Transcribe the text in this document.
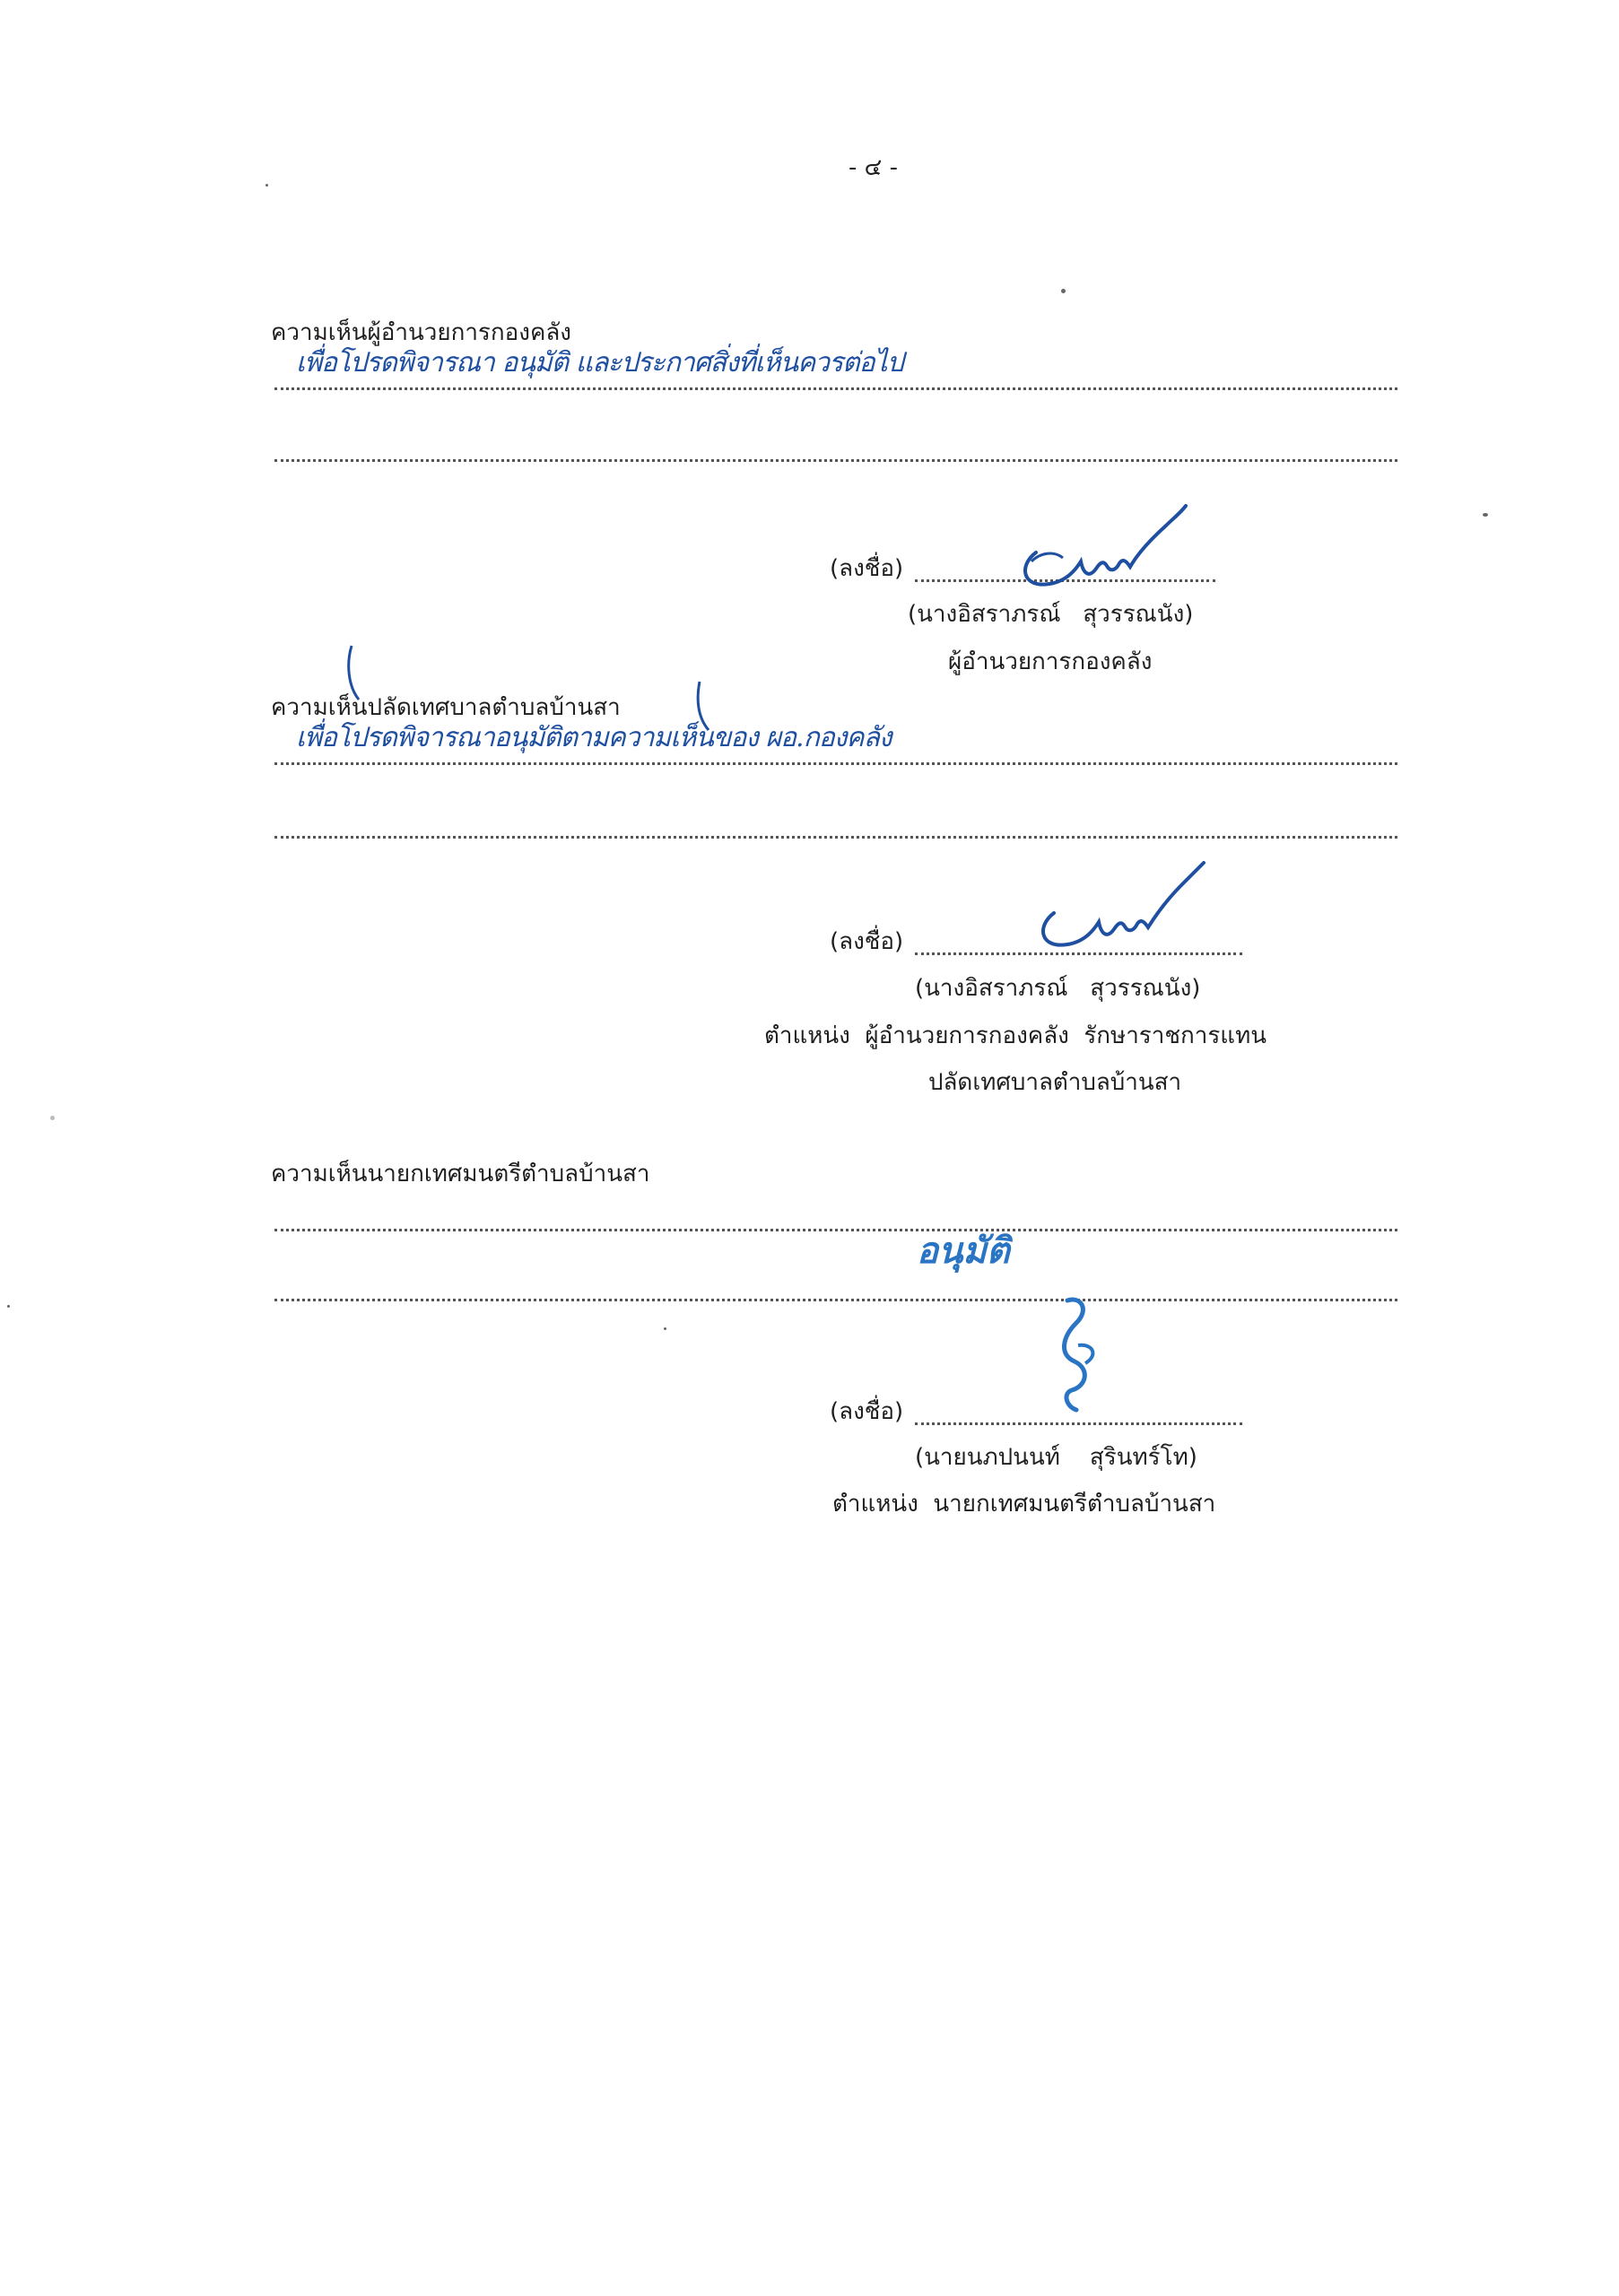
- ๔ -
ความเห็นผู้อำนวยการกองคลัง
เพื่อโปรดพิจารณา อนุมัติ และประกาศสิ่งที่เห็นควรต่อไป
(ลงชื่อ)
(นางอิสราภรณ์   สุวรรณนัง)
ผู้อำนวยการกองคลัง
ความเห็นปลัดเทศบาลตำบลบ้านสา
เพื่อโปรดพิจารณาอนุมัติตามความเห็นของ ผอ.กองคลัง
(ลงชื่อ)
(นางอิสราภรณ์   สุวรรณนัง)
ตำแหน่ง  ผู้อำนวยการกองคลัง  รักษาราชการแทน
ปลัดเทศบาลตำบลบ้านสา
ความเห็นนายกเทศมนตรีตำบลบ้านสา
อนุมัติ
(ลงชื่อ)
(นายนภปนนท์    สุรินทร์โท)
ตำแหน่ง  นายกเทศมนตรีตำบลบ้านสา
